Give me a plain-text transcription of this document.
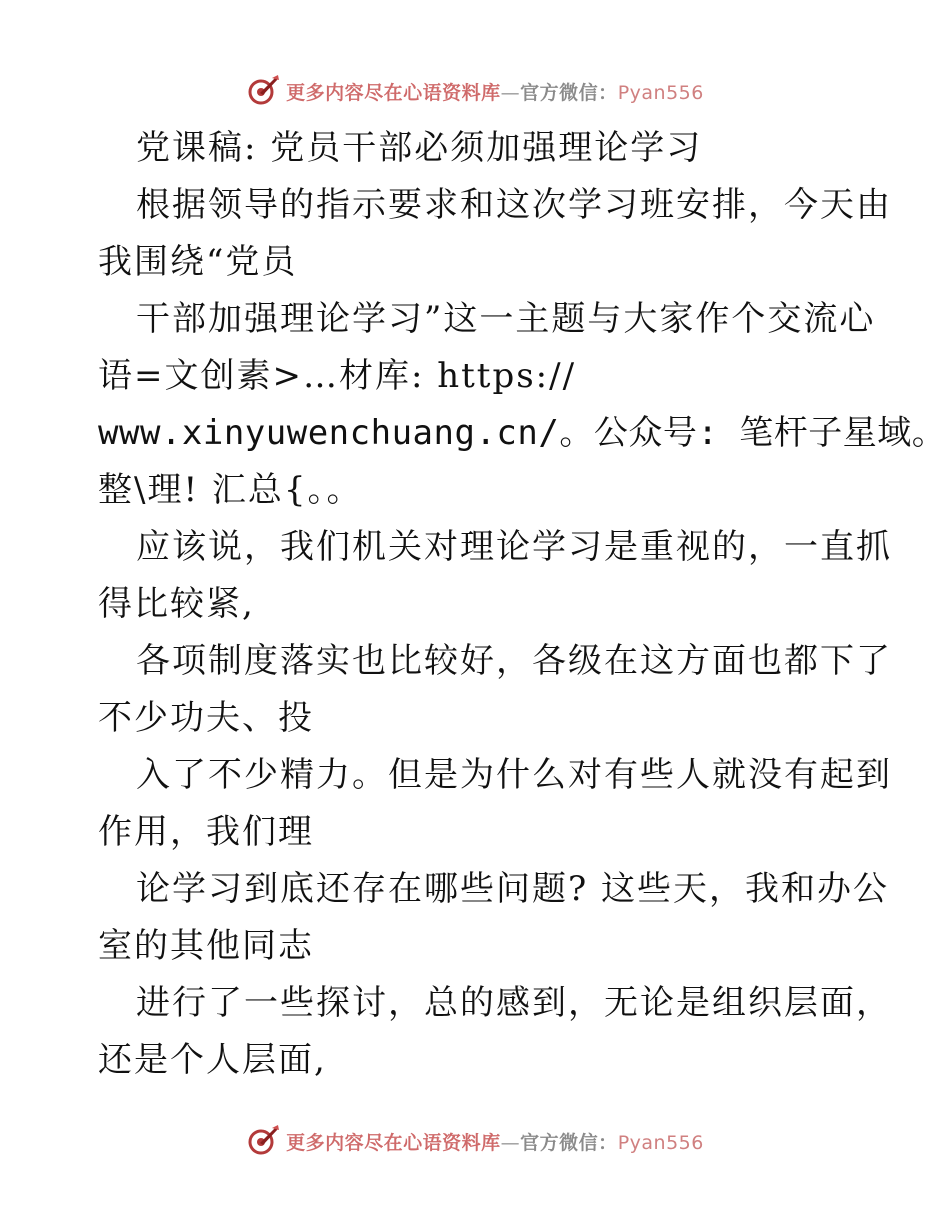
更多内容尽在心语资料库—官方微信：Pyan556
党课稿: 党员干部必须加强理论学习
根据领导的指示要求和这次学习班安排，今天由
我围绕“党员
干部加强理论学习”这一主题与大家作个交流心
语=文创素>…材库: https://
www.xinyuwenchuang.cn/。公众号: 笔杆子星域。
整\理! 汇总{。。
应该说，我们机关对理论学习是重视的，一直抓
得比较紧,
各项制度落实也比较好，各级在这方面也都下了
不少功夫、投
入了不少精力。但是为什么对有些人就没有起到
作用，我们理
论学习到底还存在哪些问题? 这些天，我和办公
室的其他同志
进行了一些探讨，总的感到，无论是组织层面，
还是个人层面,
更多内容尽在心语资料库—官方微信：Pyan556
